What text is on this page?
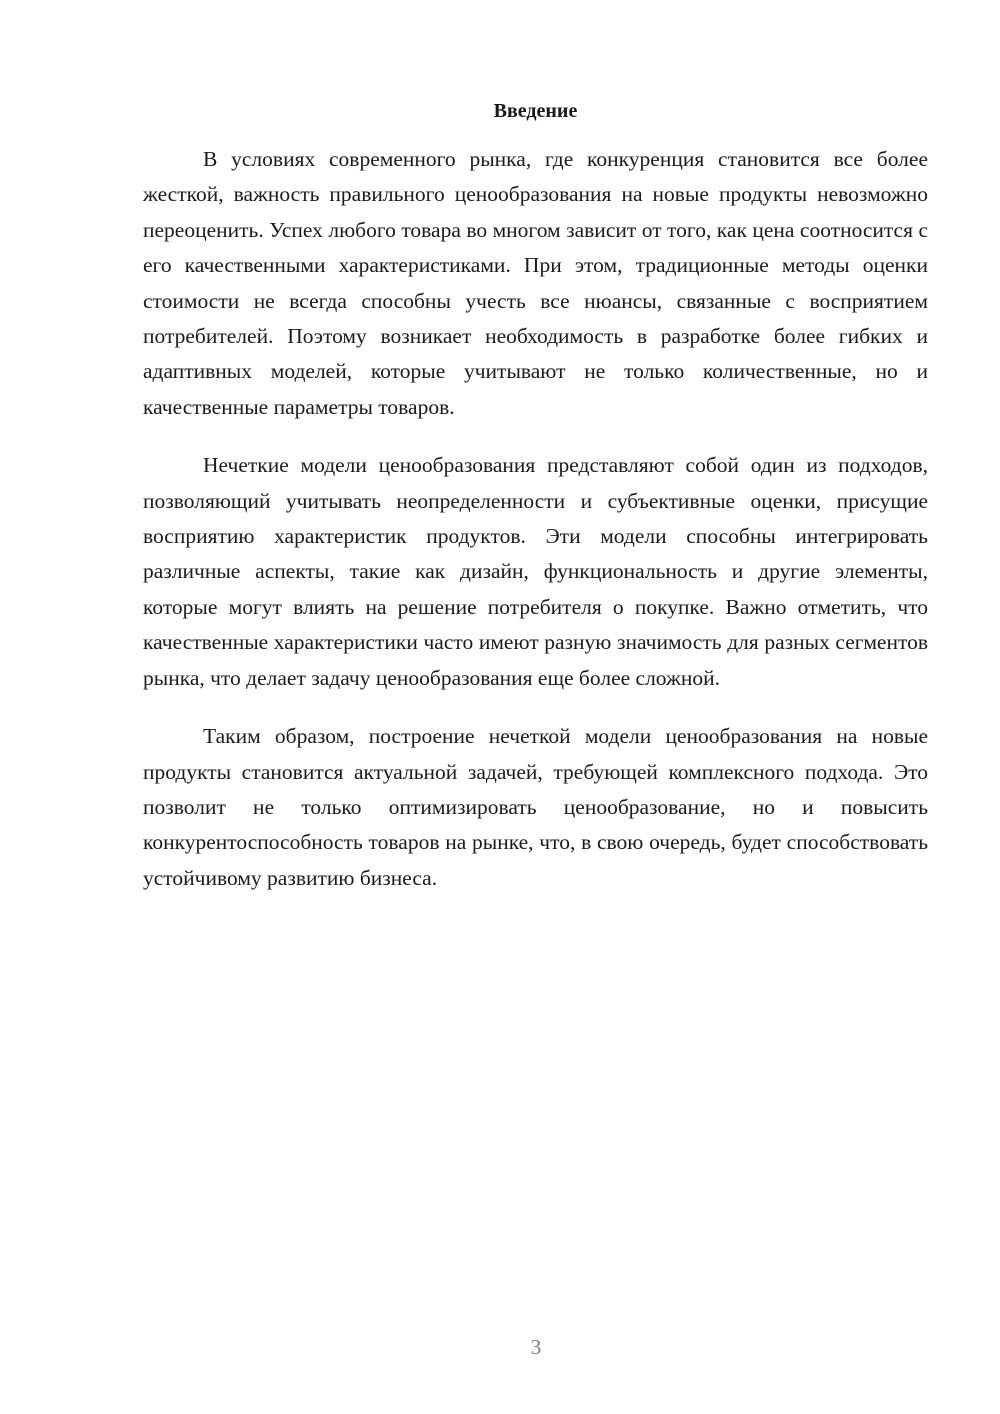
Введение

В условиях современного рынка, где конкуренция становится все более жесткой, важность правильного ценообразования на новые продукты невозможно переоценить. Успех любого товара во многом зависит от того, как цена соотносится с его качественными характеристиками. При этом, традиционные методы оценки стоимости не всегда способны учесть все нюансы, связанные с восприятием потребителей. Поэтому возникает необходимость в разработке более гибких и адаптивных моделей, которые учитывают не только количественные, но и качественные параметры товаров.

Нечеткие модели ценообразования представляют собой один из подходов, позволяющий учитывать неопределенности и субъективные оценки, присущие восприятию характеристик продуктов. Эти модели способны интегрировать различные аспекты, такие как дизайн, функциональность и другие элементы, которые могут влиять на решение потребителя о покупке. Важно отметить, что качественные характеристики часто имеют разную значимость для разных сегментов рынка, что делает задачу ценообразования еще более сложной.

Таким образом, построение нечеткой модели ценообразования на новые продукты становится актуальной задачей, требующей комплексного подхода. Это позволит не только оптимизировать ценообразование, но и повысить конкурентоспособность товаров на рынке, что, в свою очередь, будет способствовать устойчивому развитию бизнеса.

3
